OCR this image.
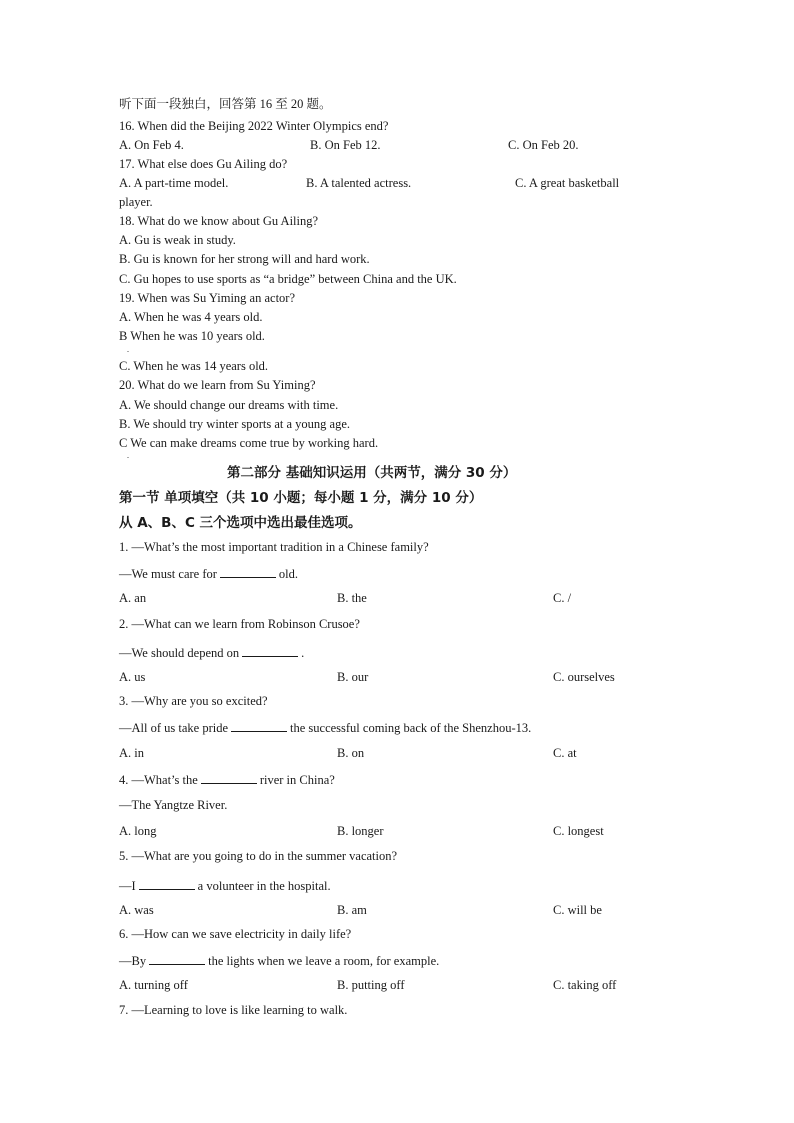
听下面一段独白，回答第 16 至 20 题。
16. When did the Beijing 2022 Winter Olympics end?
A. On Feb 4.	B. On Feb 12.	C. On Feb 20.
17. What else does Gu Ailing do?
A. A part-time model.	B. A talented actress.	C. A great basketball
player.
18. What do we know about Gu Ailing?
A. Gu is weak in study.
B. Gu is known for her strong will and hard work.
C. Gu hopes to use sports as “a bridge” between China and the UK.
19. When was Su Yiming an actor?
A. When he was 4 years old.
B When he was 10 years old.
.
C. When he was 14 years old.
20. What do we learn from Su Yiming?
A. We should change our dreams with time.
B. We should try winter sports at a young age.
C We can make dreams come true by working hard.
.
第二部分 基础知识运用（共两节，满分 30 分）
第一节 单项填空（共 10 小题；每小题 1 分，满分 10 分）
从 A、B、C 三个选项中选出最佳选项。
1. —What’s the most important tradition in a Chinese family?
—We must care for	old.
A. an	B. the	C. /
2. —What can we learn from Robinson Crusoe?
—We should depend on	.
A. us	B. our	C. ourselves
3. —Why are you so excited?
—All of us take pride	the successful coming back of the Shenzhou-13.
A. in	B. on	C. at
4. —What’s the	river in China?
—The Yangtze River.
A. long	B. longer	C. longest
5. —What are you going to do in the summer vacation?
—I	a volunteer in the hospital.
A. was	B. am	C. will be
6. —How can we save electricity in daily life?
—By	the lights when we leave a room, for example.
A. turning off	B. putting off	C. taking off
7. —Learning to love is like learning to walk.
